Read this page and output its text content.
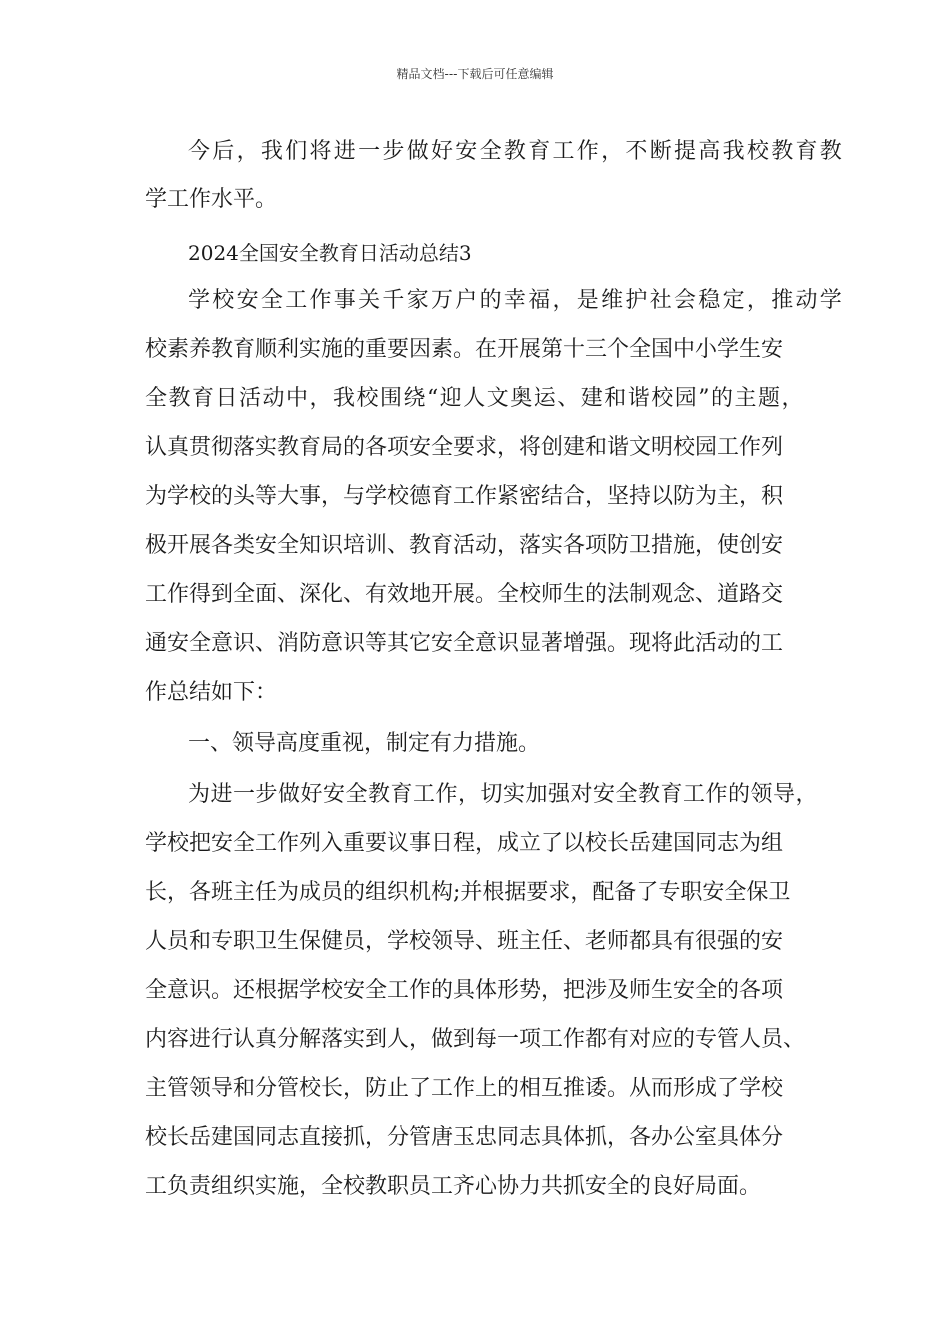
精品文档---下载后可任意编辑
今后，我们将进一步做好安全教育工作，不断提高我校教育教
学工作水平。
2024全国安全教育日活动总结3
学校安全工作事关千家万户的幸福，是维护社会稳定，推动学
校素养教育顺利实施的重要因素。在开展第十三个全国中小学生安
全教育日活动中，我校围绕“迎人文奥运、建和谐校园”的主题，
认真贯彻落实教育局的各项安全要求，将创建和谐文明校园工作列
为学校的头等大事，与学校德育工作紧密结合，坚持以防为主，积
极开展各类安全知识培训、教育活动，落实各项防卫措施，使创安
工作得到全面、深化、有效地开展。全校师生的法制观念、道路交
通安全意识、消防意识等其它安全意识显著增强。现将此活动的工
作总结如下：
一、领导高度重视，制定有力措施。
为进一步做好安全教育工作，切实加强对安全教育工作的领导，
学校把安全工作列入重要议事日程，成立了以校长岳建国同志为组
长，各班主任为成员的组织机构;并根据要求，配备了专职安全保卫
人员和专职卫生保健员，学校领导、班主任、老师都具有很强的安
全意识。还根据学校安全工作的具体形势，把涉及师生安全的各项
内容进行认真分解落实到人，做到每一项工作都有对应的专管人员、
主管领导和分管校长，防止了工作上的相互推诿。从而形成了学校
校长岳建国同志直接抓，分管唐玉忠同志具体抓，各办公室具体分
工负责组织实施，全校教职员工齐心协力共抓安全的良好局面。
